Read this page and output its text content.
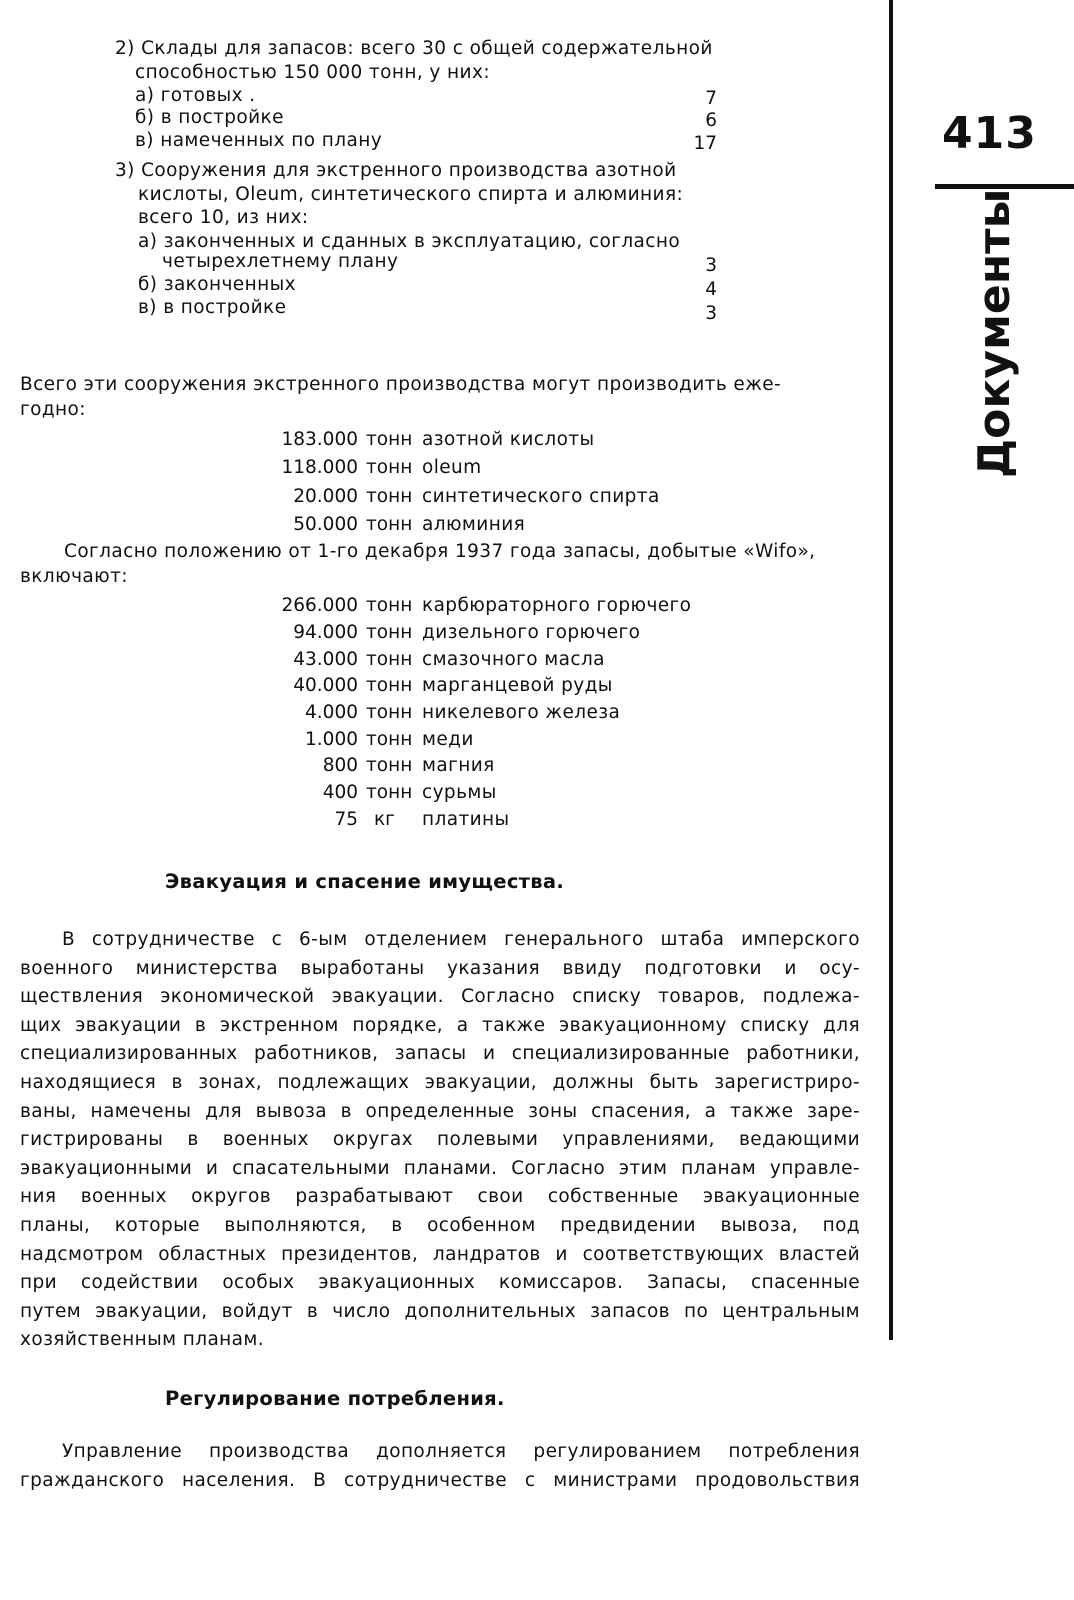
2) Склады для запасов: всего 30 с общей содержательной
способностью 150 000 тонн, у них:
а) готовых .	7
б) в постройке	6
в) намеченных по плану	17
3) Сооружения для экстренного производства азотной
кислоты, Oleum, синтетического спирта и алюминия:
всего 10, из них:
а) законченных и сданных в эксплуатацию, согласно
четырехлетнему плану	3
б) законченных	4
в) в постройке	3
Всего эти сооружения экстренного производства могут производить еже-
годно:
183.000 тонн азотной кислоты
118.000 тонн oleum
20.000 тонн синтетического спирта
50.000 тонн алюминия
Согласно положению от 1-го декабря 1937 года запасы, добытые «Wifo»,
включают:
266.000 тонн карбюраторного горючего
94.000 тонн дизельного горючего
43.000 тонн смазочного масла
40.000 тонн марганцевой руды
4.000 тонн никелевого железа
1.000 тонн меди
800 тонн магния
400 тонн сурьмы
75 кг платины
Эвакуация и спасение имущества.
В сотрудничестве с 6-ым отделением генерального штаба имперского
военного министерства выработаны указания ввиду подготовки и осу-
ществления экономической эвакуации. Согласно списку товаров, подлежа-
щих эвакуации в экстренном порядке, а также эвакуационному списку для
специализированных работников, запасы и специализированные работники,
находящиеся в зонах, подлежащих эвакуации, должны быть зарегистриро-
ваны, намечены для вывоза в определенные зоны спасения, а также заре-
гистрированы в военных округах полевыми управлениями, ведающими
эвакуационными и спасательными планами. Согласно этим планам управле-
ния военных округов разрабатывают свои собственные эвакуационные
планы, которые выполняются, в особенном предвидении вывоза, под
надсмотром областных президентов, ландратов и соответствующих властей
при содействии особых эвакуационных комиссаров. Запасы, спасенные
путем эвакуации, войдут в число дополнительных запасов по центральным
хозяйственным планам.
Регулирование потребления.
Управление производства дополняется регулированием потребления
гражданского населения. В сотрудничестве с министрами продовольствия
413
Документы
